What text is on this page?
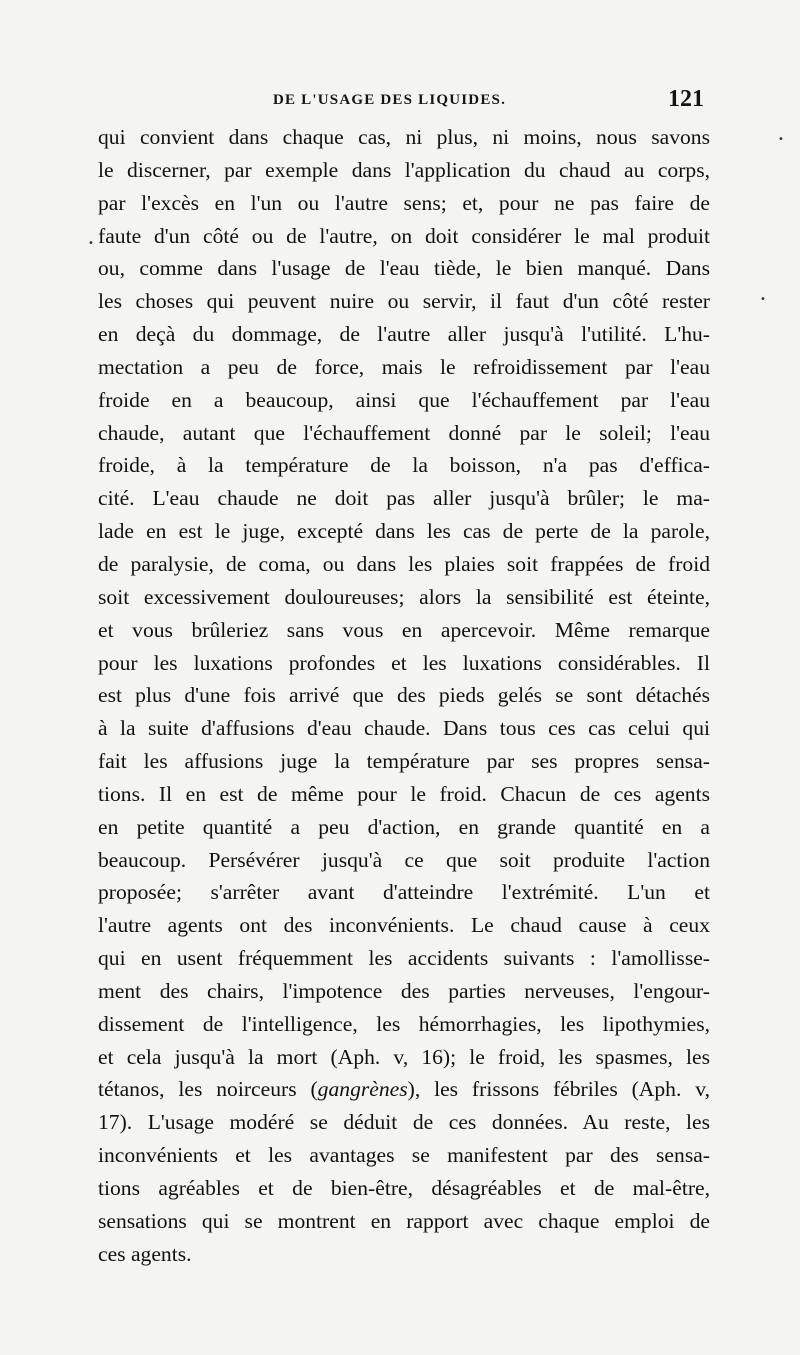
DE L'USAGE DES LIQUIDES.	121
qui convient dans chaque cas, ni plus, ni moins, nous savons
le discerner, par exemple dans l'application du chaud au corps,
par l'excès en l'un ou l'autre sens; et, pour ne pas faire de
faute d'un côté ou de l'autre, on doit considérer le mal produit
ou, comme dans l'usage de l'eau tiède, le bien manqué. Dans
les choses qui peuvent nuire ou servir, il faut d'un côté rester
en deçà du dommage, de l'autre aller jusqu'à l'utilité. L'hu-
mectation a peu de force, mais le refroidissement par l'eau
froide en a beaucoup, ainsi que l'échauffement par l'eau
chaude, autant que l'échauffement donné par le soleil; l'eau
froide, à la température de la boisson, n'a pas d'effica-
cité. L'eau chaude ne doit pas aller jusqu'à brûler; le ma-
lade en est le juge, excepté dans les cas de perte de la parole,
de paralysie, de coma, ou dans les plaies soit frappées de froid
soit excessivement douloureuses; alors la sensibilité est éteinte,
et vous brûleriez sans vous en apercevoir. Même remarque
pour les luxations profondes et les luxations considérables. Il
est plus d'une fois arrivé que des pieds gelés se sont détachés
à la suite d'affusions d'eau chaude. Dans tous ces cas celui qui
fait les affusions juge la température par ses propres sensa-
tions. Il en est de même pour le froid. Chacun de ces agents
en petite quantité a peu d'action, en grande quantité en a
beaucoup. Persévérer jusqu'à ce que soit produite l'action
proposée; s'arrêter avant d'atteindre l'extrémité. L'un et
l'autre agents ont des inconvénients. Le chaud cause à ceux
qui en usent fréquemment les accidents suivants : l'amollisse-
ment des chairs, l'impotence des parties nerveuses, l'engour-
dissement de l'intelligence, les hémorrhagies, les lipothymies,
et cela jusqu'à la mort (Aph. v, 16); le froid, les spasmes, les
tétanos, les noirceurs (gangrènes), les frissons fébriles (Aph. v,
17). L'usage modéré se déduit de ces données. Au reste, les
inconvénients et les avantages se manifestent par des sensa-
tions agréables et de bien-être, désagréables et de mal-être,
sensations qui se montrent en rapport avec chaque emploi de
ces agents.
•
•
•
